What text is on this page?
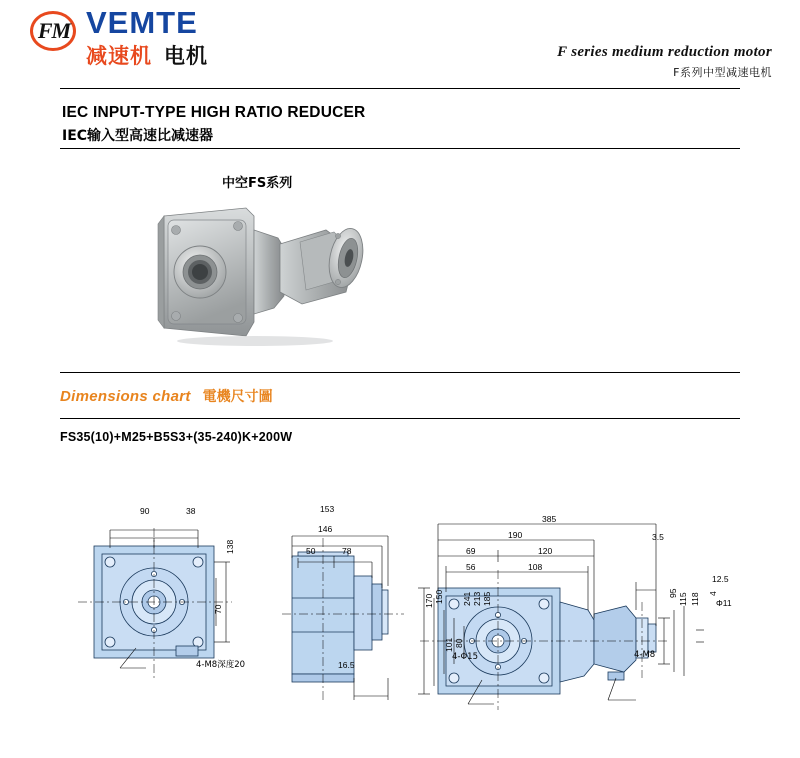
FM VEMTE
减速机 电机	F series medium reduction motor
F系列中型减速电机
IEC INPUT-TYPE HIGH RATIO REDUCER
IEC输入型高速比减速器
中空FS系列
Dimensions chart 電機尺寸圖
FS35(10)+M25+B5S3+(35-240)K+200W
90	38
138
70
4-M8深度20
153
146
50	78
16.5
385
190
69	120
56	108
3.5
170 150
101 80
241 213 185	95 115 118
12.5
4
Φ11
4-Φ15	4-M8
